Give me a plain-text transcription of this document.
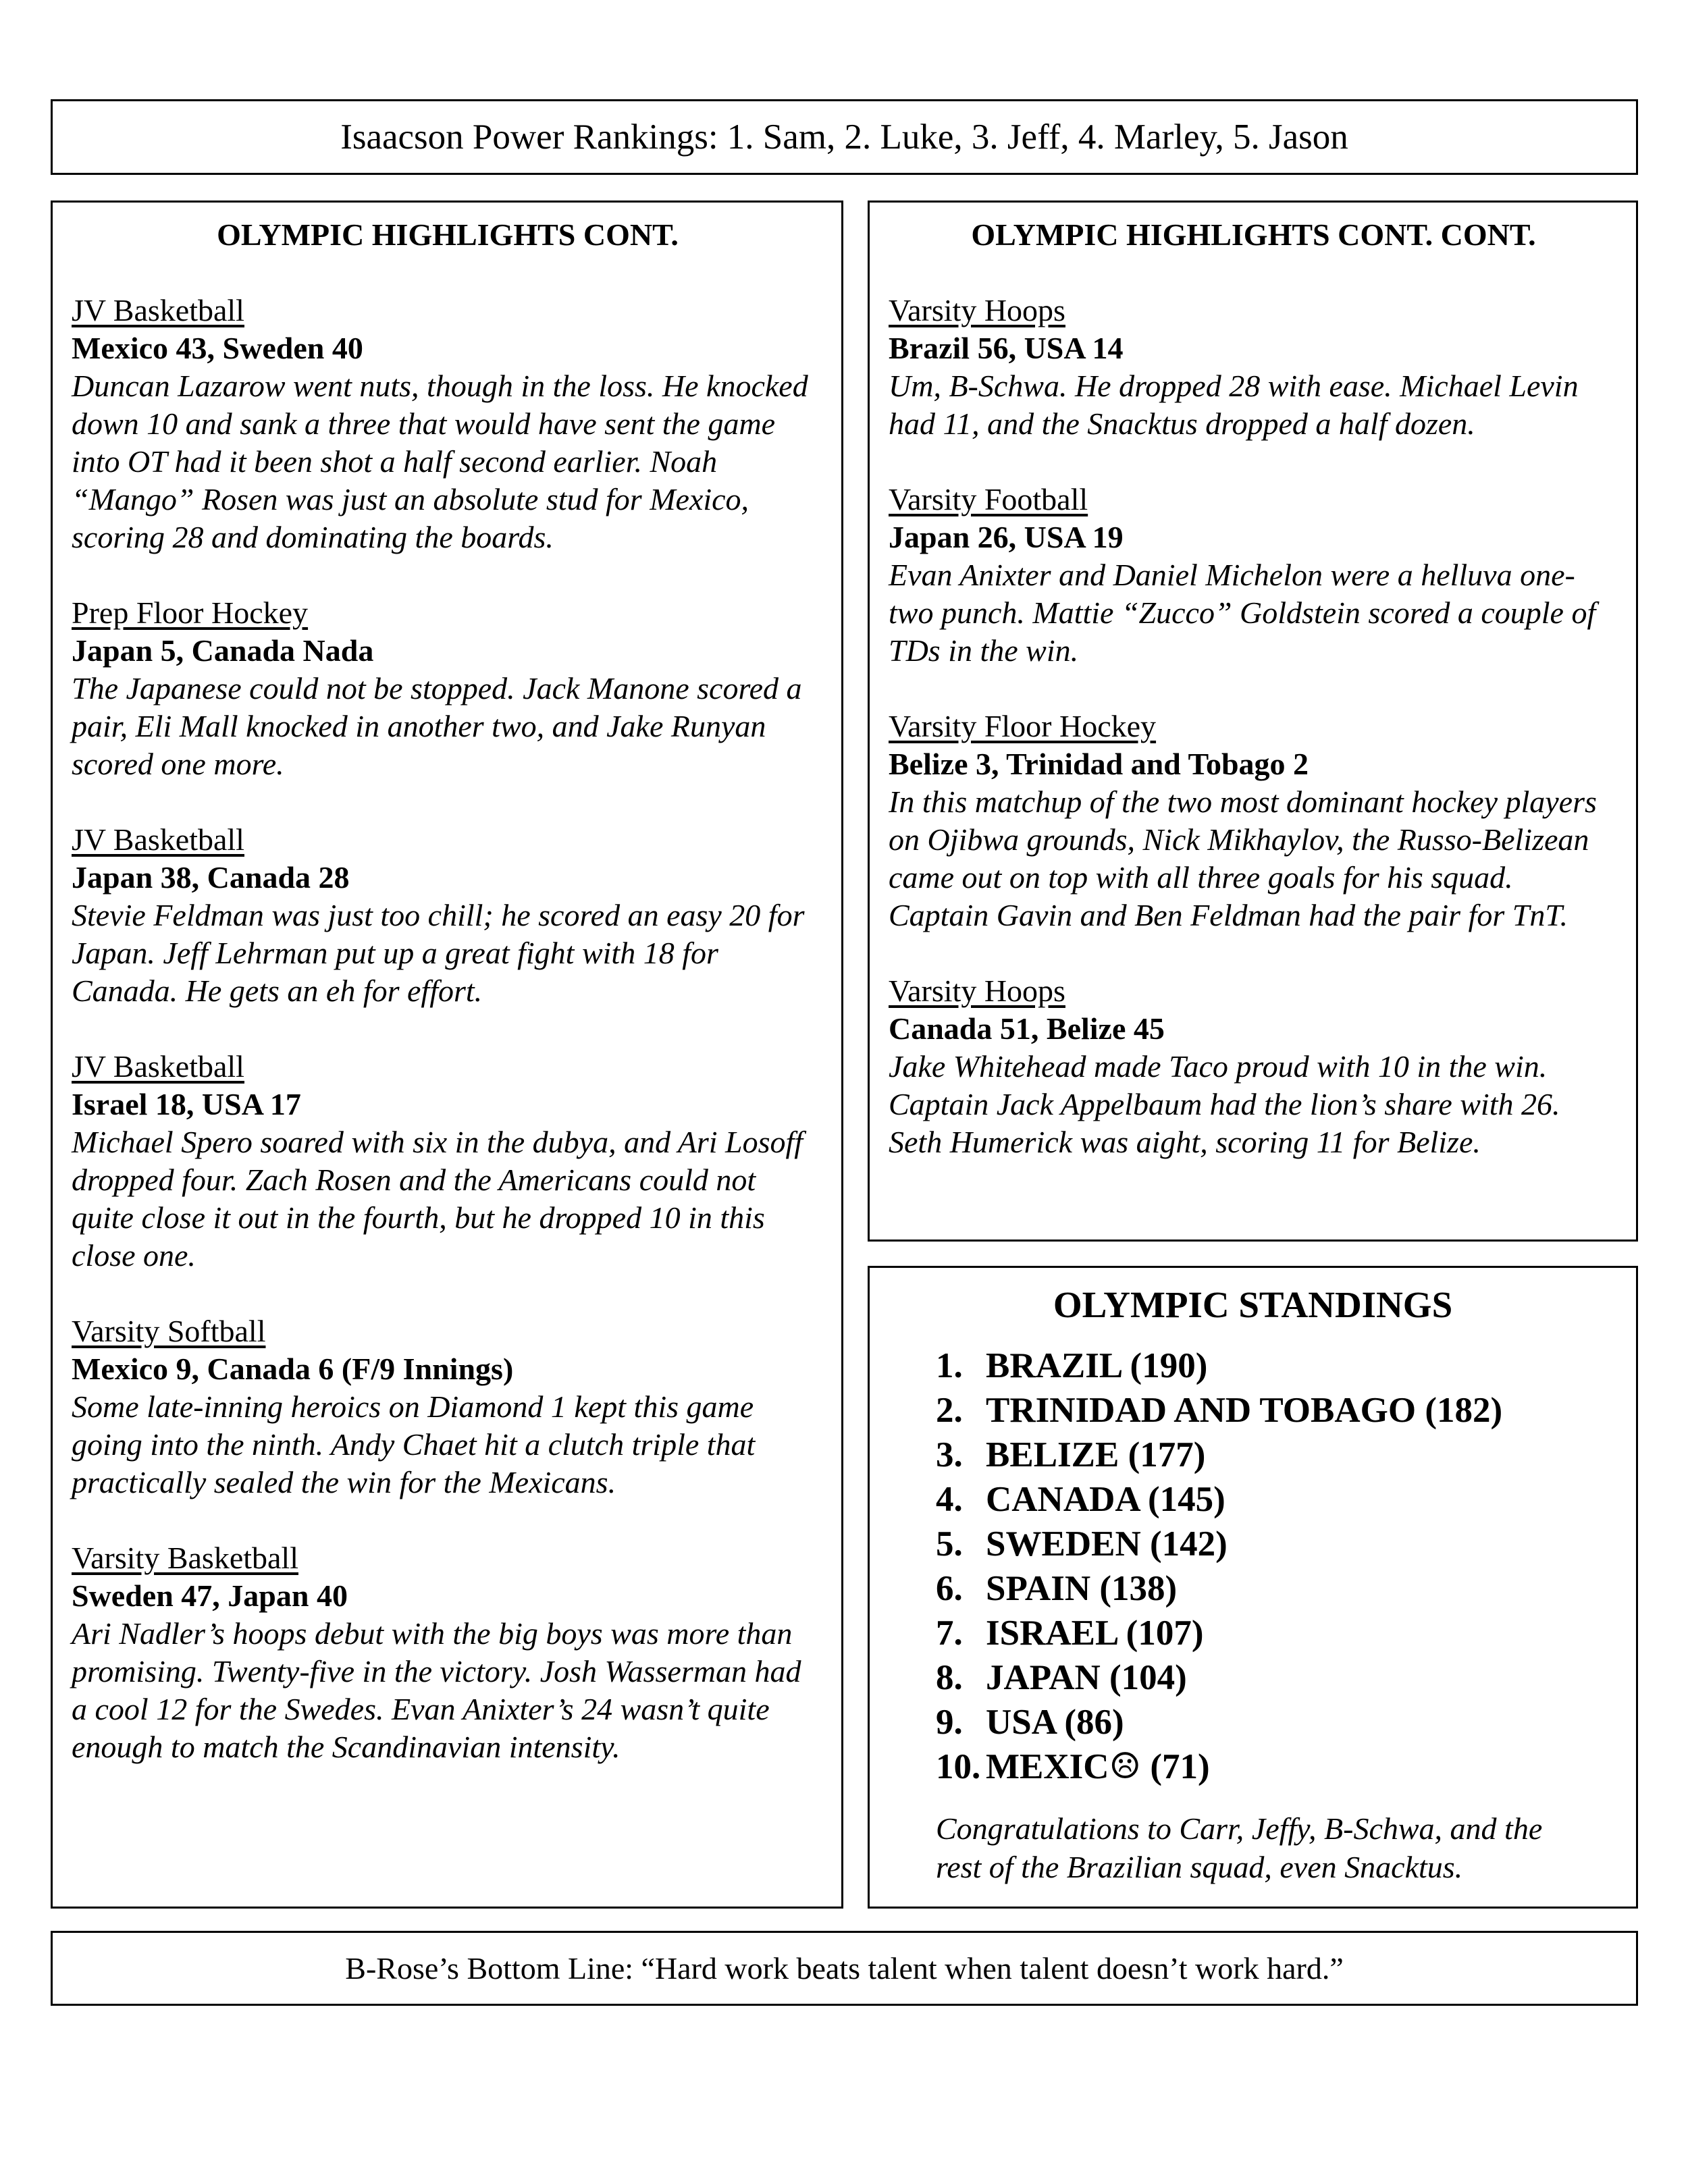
Isaacson Power Rankings: 1. Sam, 2. Luke, 3. Jeff, 4. Marley, 5. Jason
OLYMPIC HIGHLIGHTS CONT.
JV Basketball
Mexico 43, Sweden 40
Duncan Lazarow went nuts, though in the loss. He knocked down 10 and sank a three that would have sent the game into OT had it been shot a half second earlier. Noah “Mango” Rosen was just an absolute stud for Mexico, scoring 28 and dominating the boards.
Prep Floor Hockey
Japan 5, Canada Nada
The Japanese could not be stopped. Jack Manone scored a pair, Eli Mall knocked in another two, and Jake Runyan scored one more.
JV Basketball
Japan 38, Canada 28
Stevie Feldman was just too chill; he scored an easy 20 for Japan. Jeff Lehrman put up a great fight with 18 for Canada. He gets an eh for effort.
JV Basketball
Israel 18, USA 17
Michael Spero soared with six in the dubya, and Ari Losoff dropped four. Zach Rosen and the Americans could not quite close it out in the fourth, but he dropped 10 in this close one.
Varsity Softball
Mexico 9, Canada 6 (F/9 Innings)
Some late-inning heroics on Diamond 1 kept this game going into the ninth. Andy Chaet hit a clutch triple that practically sealed the win for the Mexicans.
Varsity Basketball
Sweden 47, Japan 40
Ari Nadler’s hoops debut with the big boys was more than promising. Twenty-five in the victory. Josh Wasserman had a cool 12 for the Swedes. Evan Anixter’s 24 wasn’t quite enough to match the Scandinavian intensity.
OLYMPIC HIGHLIGHTS CONT. CONT.
Varsity Hoops
Brazil 56, USA 14
Um, B-Schwa. He dropped 28 with ease. Michael Levin had 11, and the Snacktus dropped a half dozen.
Varsity Football
Japan 26, USA 19
Evan Anixter and Daniel Michelon were a helluva one-two punch. Mattie “Zucco” Goldstein scored a couple of TDs in the win.
Varsity Floor Hockey
Belize 3, Trinidad and Tobago 2
In this matchup of the two most dominant hockey players on Ojibwa grounds, Nick Mikhaylov, the Russo-Belizean came out on top with all three goals for his squad. Captain Gavin and Ben Feldman had the pair for TnT.
Varsity Hoops
Canada 51, Belize 45
Jake Whitehead made Taco proud with 10 in the win. Captain Jack Appelbaum had the lion’s share with 26. Seth Humerick was aight, scoring 11 for Belize.
OLYMPIC STANDINGS
1. BRAZIL (190)
2. TRINIDAD AND TOBAGO (182)
3. BELIZE (177)
4. CANADA (145)
5. SWEDEN (142)
6. SPAIN (138)
7. ISRAEL (107)
8. JAPAN (104)
9. USA (86)
10. MEXIC☹ (71)
Congratulations to Carr, Jeffy, B-Schwa, and the rest of the Brazilian squad, even Snacktus.
B-Rose’s Bottom Line: “Hard work beats talent when talent doesn’t work hard.”
